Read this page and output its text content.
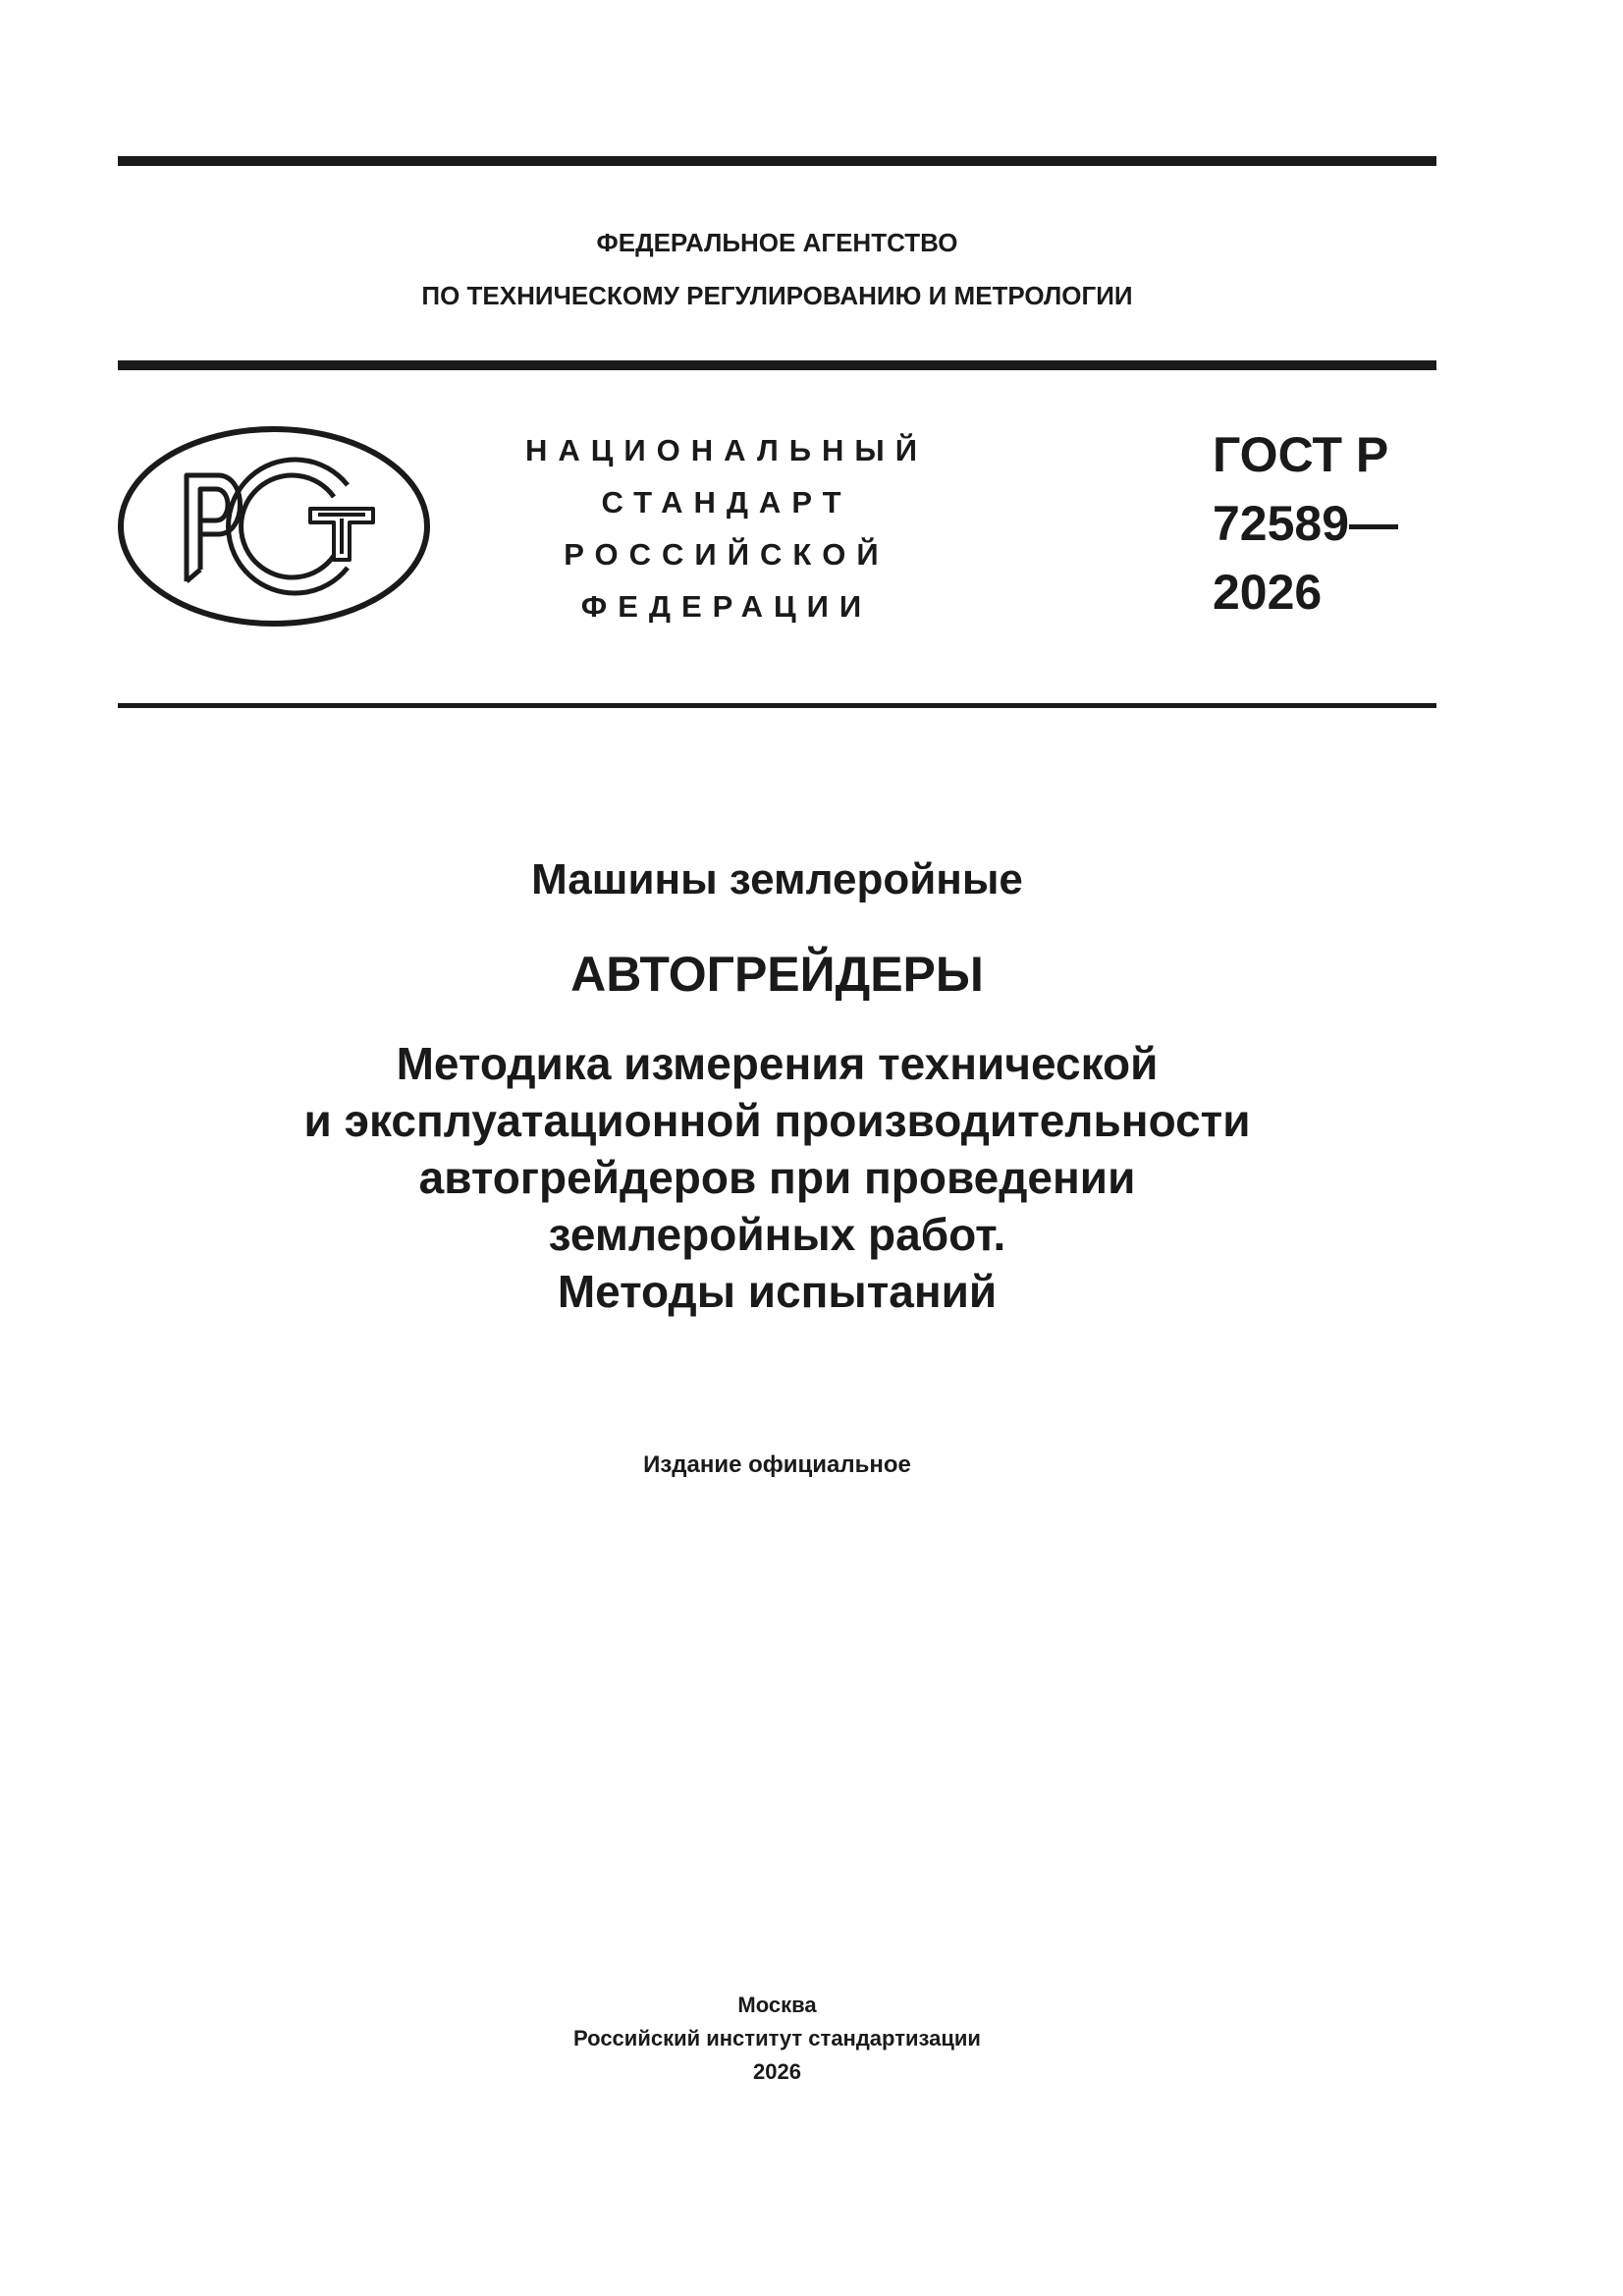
ФЕДЕРАЛЬНОЕ АГЕНТСТВО
ПО ТЕХНИЧЕСКОМУ РЕГУЛИРОВАНИЮ И МЕТРОЛОГИИ
НАЦИОНАЛЬНЫЙ
СТАНДАРТ
РОССИЙСКОЙ
ФЕДЕРАЦИИ
ГОСТ Р
72589—
2026
Машины землеройные
АВТОГРЕЙДЕРЫ
Методика измерения технической
и эксплуатационной производительности
автогрейдеров при проведении
землеройных работ.
Методы испытаний
Издание официальное
Москва
Российский институт стандартизации
2026
